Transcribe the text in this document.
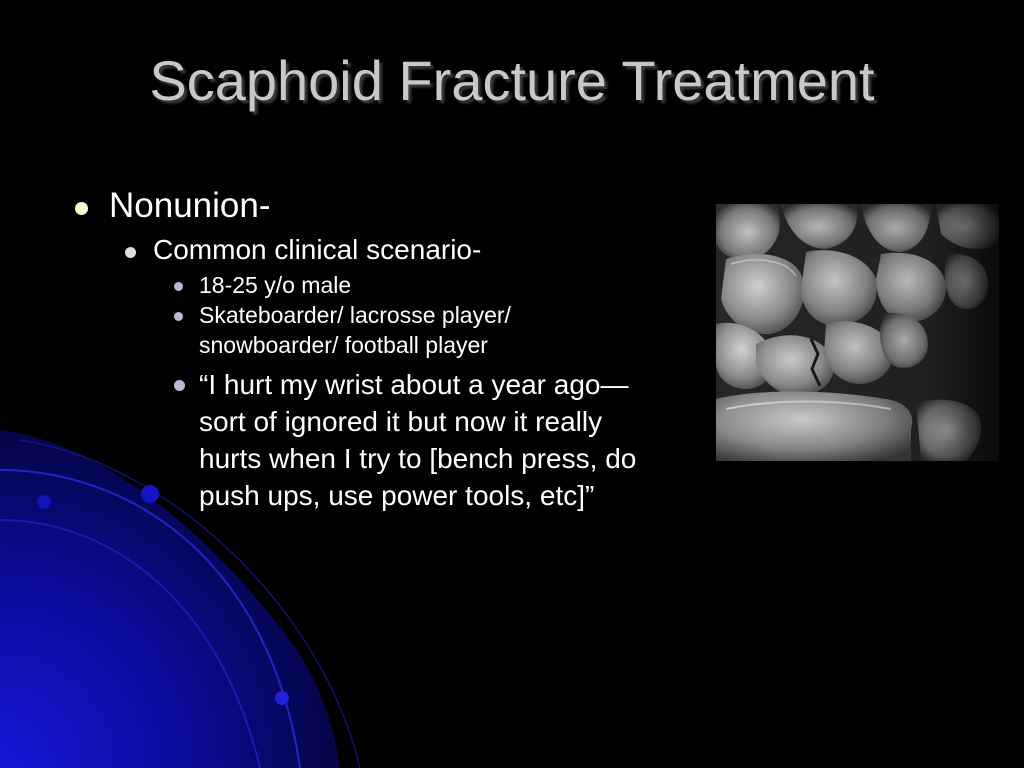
Scaphoid Fracture Treatment
Nonunion-
Common clinical scenario-
18-25 y/o male
Skateboarder/ lacrosse player/ snowboarder/ football player
“I hurt my wrist about a year ago—sort of ignored it but now it really hurts when I try to [bench press, do push ups, use power tools, etc]”
